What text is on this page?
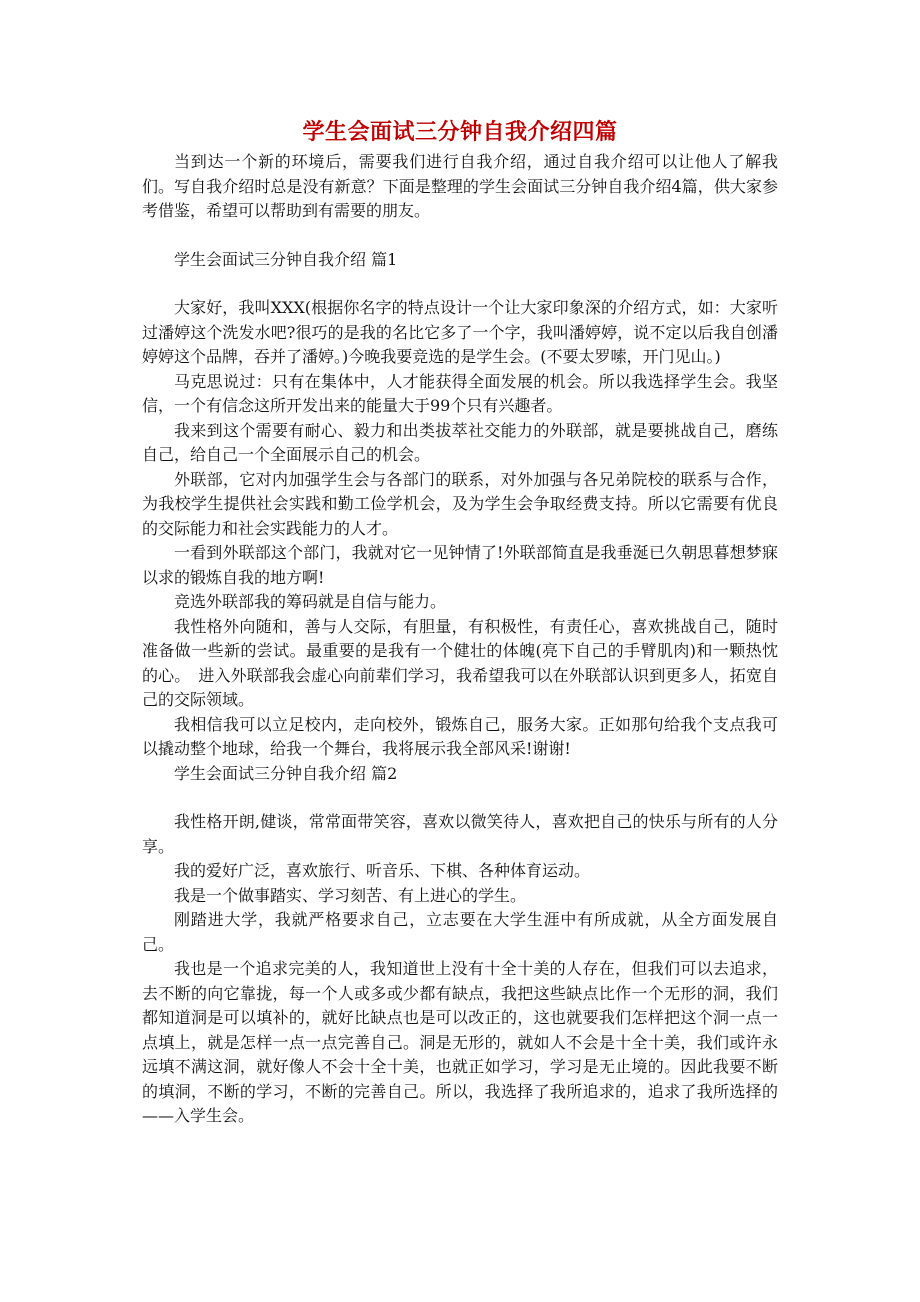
学生会面试三分钟自我介绍四篇

当到达一个新的环境后，需要我们进行自我介绍，通过自我介绍可以让他人了解我们。写自我介绍时总是没有新意？下面是整理的学生会面试三分钟自我介绍4篇，供大家参考借鉴，希望可以帮助到有需要的朋友。

学生会面试三分钟自我介绍 篇1

大家好，我叫XXX(根据你名字的特点设计一个让大家印象深的介绍方式，如：大家听过潘婷这个洗发水吧?很巧的是我的名比它多了一个字，我叫潘婷婷，说不定以后我自创潘婷婷这个品牌，吞并了潘婷。)今晚我要竞选的是学生会。(不要太罗嗦，开门见山。)

马克思说过：只有在集体中，人才能获得全面发展的机会。所以我选择学生会。我坚信，一个有信念这所开发出来的能量大于99个只有兴趣者。

我来到这个需要有耐心、毅力和出类拔萃社交能力的外联部，就是要挑战自己，磨练自己，给自己一个全面展示自己的机会。

外联部，它对内加强学生会与各部门的联系，对外加强与各兄弟院校的联系与合作，为我校学生提供社会实践和勤工俭学机会，及为学生会争取经费支持。所以它需要有优良的交际能力和社会实践能力的人才。

一看到外联部这个部门，我就对它一见钟情了!外联部简直是我垂涎已久朝思暮想梦寐以求的锻炼自我的地方啊!

竞选外联部我的筹码就是自信与能力。

我性格外向随和，善与人交际，有胆量，有积极性，有责任心，喜欢挑战自己，随时准备做一些新的尝试。最重要的是我有一个健壮的体魄(亮下自己的手臂肌肉)和一颗热忱的心。　进入外联部我会虚心向前辈们学习，我希望我可以在外联部认识到更多人，拓宽自己的交际领域。

我相信我可以立足校内，走向校外，锻炼自己，服务大家。正如那句给我个支点我可以撬动整个地球，给我一个舞台，我将展示我全部风采!谢谢!

学生会面试三分钟自我介绍 篇2

我性格开朗,健谈，常常面带笑容，喜欢以微笑待人，喜欢把自己的快乐与所有的人分享。

我的爱好广泛，喜欢旅行、听音乐、下棋、各种体育运动。

我是一个做事踏实、学习刻苦、有上进心的学生。

刚踏进大学，我就严格要求自己，立志要在大学生涯中有所成就，从全方面发展自己。

我也是一个追求完美的人，我知道世上没有十全十美的人存在，但我们可以去追求，去不断的向它靠拢，每一个人或多或少都有缺点，我把这些缺点比作一个无形的洞，我们都知道洞是可以填补的，就好比缺点也是可以改正的，这也就要我们怎样把这个洞一点一点填上，就是怎样一点一点完善自己。洞是无形的，就如人不会是十全十美，我们或许永远填不满这洞，就好像人不会十全十美，也就正如学习，学习是无止境的。因此我要不断的填洞，不断的学习，不断的完善自己。所以，我选择了我所追求的，追求了我所选择的——入学生会。
